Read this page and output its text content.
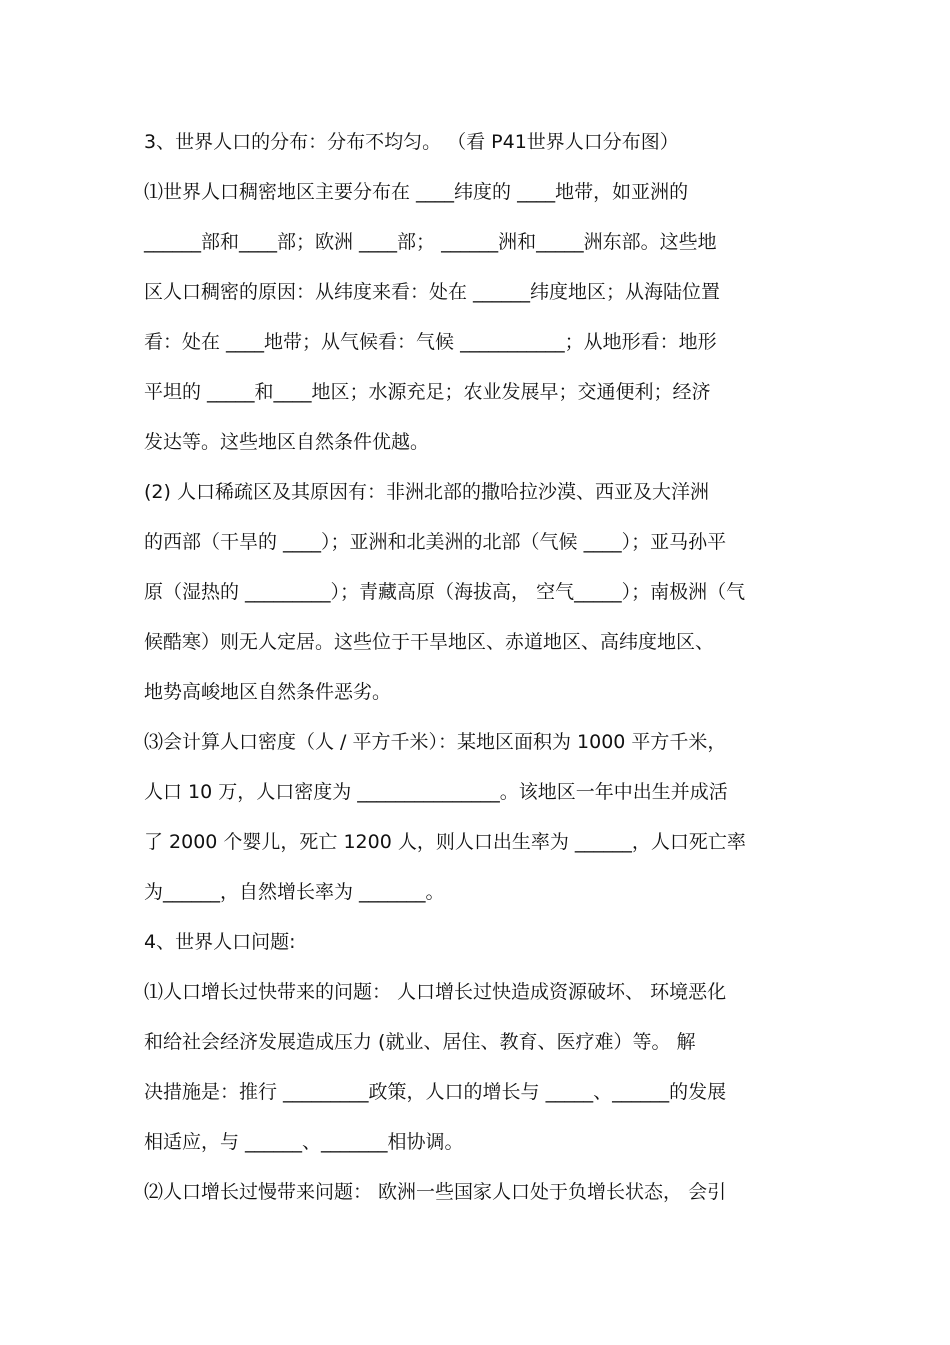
3、世界人口的分布：分布不均匀。 （看 P41世界人口分布图）
⑴世界人口稠密地区主要分布在 ____纬度的 ____地带，如亚洲的
______部和____部；欧洲 ____部； ______洲和_____洲东部。这些地
区人口稠密的原因：从纬度来看：处在 ______纬度地区；从海陆位置
看：处在 ____地带；从气候看：气候 ___________；从地形看：地形
平坦的 _____和____地区；水源充足；农业发展早；交通便利；经济
发达等。这些地区自然条件优越。
(2) 人口稀疏区及其原因有：非洲北部的撒哈拉沙漠、西亚及大洋洲
的西部（干旱的 ____）；亚洲和北美洲的北部（气候 ____）；亚马孙平
原（湿热的 _________）；青藏高原（海拔高， 空气_____）；南极洲（气
候酷寒）则无人定居。这些位于干旱地区、赤道地区、高纬度地区、
地势高峻地区自然条件恶劣。
⑶会计算人口密度（人 / 平方千米）：某地区面积为 1000 平方千米，
人口 10 万，人口密度为 _______________。该地区一年中出生并成活
了 2000 个婴儿，死亡 1200 人，则人口出生率为 ______，人口死亡率
为______，自然增长率为 _______。
4、世界人口问题:
⑴人口增长过快带来的问题： 人口增长过快造成资源破坏、 环境恶化
和给社会经济发展造成压力 (就业、居住、教育、医疗难）等。 解
决措施是：推行 _________政策，人口的增长与 _____、______的发展
相适应，与 ______、_______相协调。
⑵人口增长过慢带来问题： 欧洲一些国家人口处于负增长状态， 会引
